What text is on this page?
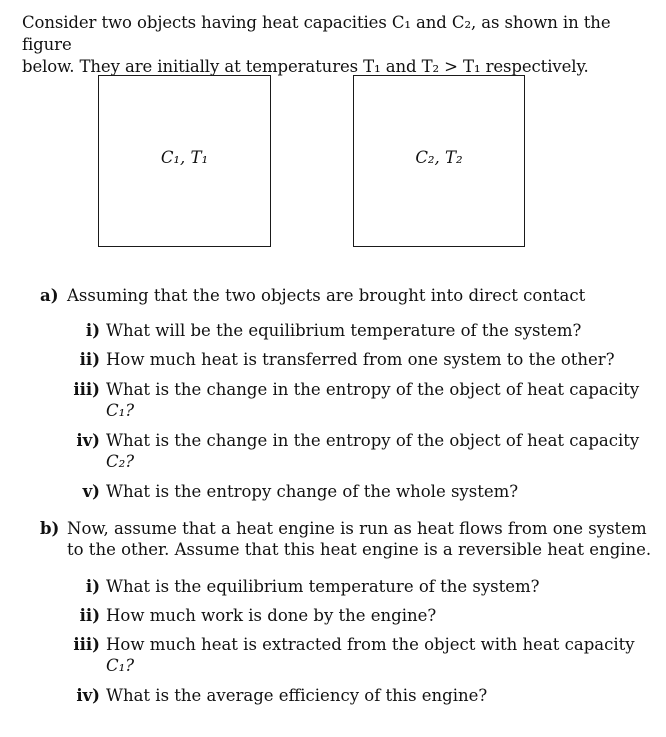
Consider two objects having heat capacities C₁ and C₂, as shown in the figure
below. They are initially at temperatures T₁ and T₂ > T₁ respectively.
C₁, T₁	C₂, T₂
a) Assuming that the two objects are brought into direct contact
i) What will be the equilibrium temperature of the system?
ii) How much heat is transferred from one system to the other?
iii) What is the change in the entropy of the object of heat capacity
C₁?
iv) What is the change in the entropy of the object of heat capacity
C₂?
v) What is the entropy change of the whole system?
b) Now, assume that a heat engine is run as heat flows from one system
to the other. Assume that this heat engine is a reversible heat engine.
i) What is the equilibrium temperature of the system?
ii) How much work is done by the engine?
iii) How much heat is extracted from the object with heat capacity
C₁?
iv) What is the average efficiency of this engine?
